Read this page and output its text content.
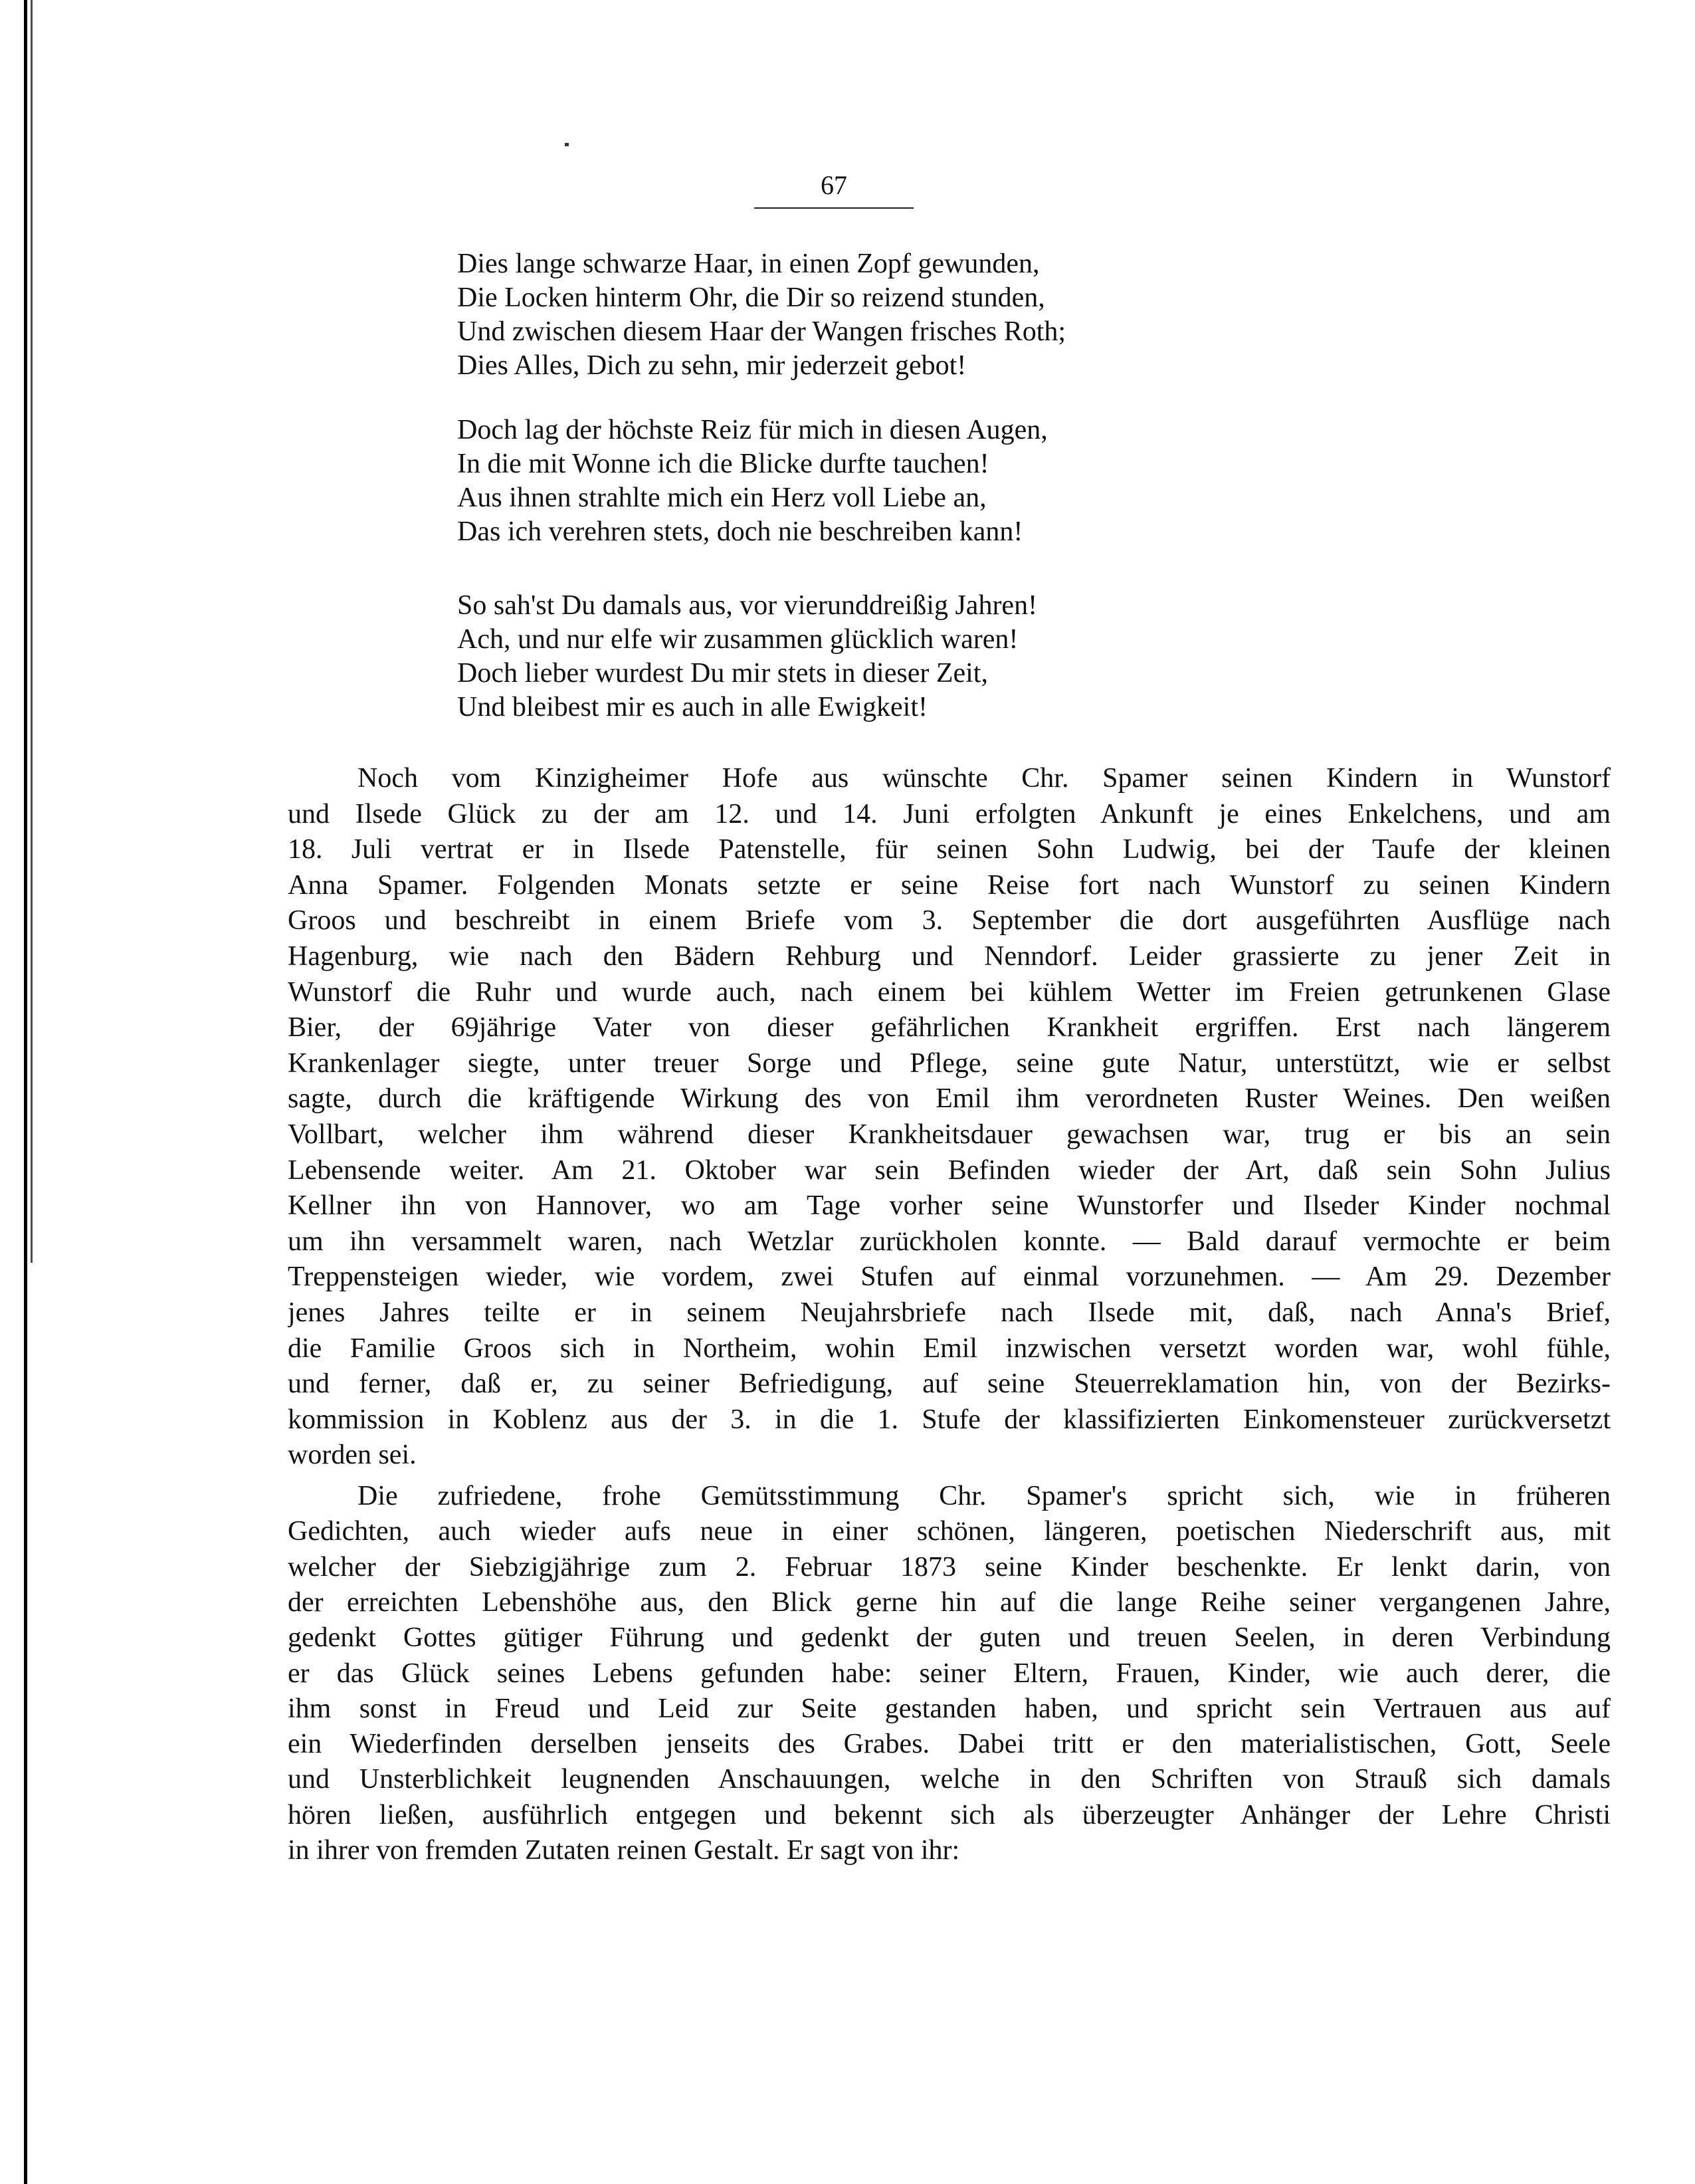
67
Dies lange schwarze Haar, in einen Zopf gewunden,
Die Locken hinterm Ohr, die Dir so reizend stunden,
Und zwischen diesem Haar der Wangen frisches Roth;
Dies Alles, Dich zu sehn, mir jederzeit gebot!
Doch lag der höchste Reiz für mich in diesen Augen,
In die mit Wonne ich die Blicke durfte tauchen!
Aus ihnen strahlte mich ein Herz voll Liebe an,
Das ich verehren stets, doch nie beschreiben kann!
So sah'st Du damals aus, vor vierunddreißig Jahren!
Ach, und nur elfe wir zusammen glücklich waren!
Doch lieber wurdest Du mir stets in dieser Zeit,
Und bleibest mir es auch in alle Ewigkeit!
Noch vom Kinzigheimer Hofe aus wünschte Chr. Spamer seinen Kindern in Wunstorf
und Ilsede Glück zu der am 12. und 14. Juni erfolgten Ankunft je eines Enkelchens, und am
18. Juli vertrat er in Ilsede Patenstelle, für seinen Sohn Ludwig, bei der Taufe der kleinen
Anna Spamer. Folgenden Monats setzte er seine Reise fort nach Wunstorf zu seinen Kindern
Groos und beschreibt in einem Briefe vom 3. September die dort ausgeführten Ausflüge nach
Hagenburg, wie nach den Bädern Rehburg und Nenndorf. Leider grassierte zu jener Zeit in
Wunstorf die Ruhr und wurde auch, nach einem bei kühlem Wetter im Freien getrunkenen Glase
Bier, der 69jährige Vater von dieser gefährlichen Krankheit ergriffen. Erst nach längerem
Krankenlager siegte, unter treuer Sorge und Pflege, seine gute Natur, unterstützt, wie er selbst
sagte, durch die kräftigende Wirkung des von Emil ihm verordneten Ruster Weines. Den weißen
Vollbart, welcher ihm während dieser Krankheitsdauer gewachsen war, trug er bis an sein
Lebensende weiter. Am 21. Oktober war sein Befinden wieder der Art, daß sein Sohn Julius
Kellner ihn von Hannover, wo am Tage vorher seine Wunstorfer und Ilseder Kinder nochmal
um ihn versammelt waren, nach Wetzlar zurückholen konnte. — Bald darauf vermochte er beim
Treppensteigen wieder, wie vordem, zwei Stufen auf einmal vorzunehmen. — Am 29. Dezember
jenes Jahres teilte er in seinem Neujahrsbriefe nach Ilsede mit, daß, nach Anna's Brief,
die Familie Groos sich in Northeim, wohin Emil inzwischen versetzt worden war, wohl fühle,
und ferner, daß er, zu seiner Befriedigung, auf seine Steuerreklamation hin, von der Bezirks-
kommission in Koblenz aus der 3. in die 1. Stufe der klassifizierten Einkomensteuer zurückversetzt
worden sei.
Die zufriedene, frohe Gemütsstimmung Chr. Spamer's spricht sich, wie in früheren
Gedichten, auch wieder aufs neue in einer schönen, längeren, poetischen Niederschrift aus, mit
welcher der Siebzigjährige zum 2. Februar 1873 seine Kinder beschenkte. Er lenkt darin, von
der erreichten Lebenshöhe aus, den Blick gerne hin auf die lange Reihe seiner vergangenen Jahre,
gedenkt Gottes gütiger Führung und gedenkt der guten und treuen Seelen, in deren Verbindung
er das Glück seines Lebens gefunden habe: seiner Eltern, Frauen, Kinder, wie auch derer, die
ihm sonst in Freud und Leid zur Seite gestanden haben, und spricht sein Vertrauen aus auf
ein Wiederfinden derselben jenseits des Grabes. Dabei tritt er den materialistischen, Gott, Seele
und Unsterblichkeit leugnenden Anschauungen, welche in den Schriften von Strauß sich damals
hören ließen, ausführlich entgegen und bekennt sich als überzeugter Anhänger der Lehre Christi
in ihrer von fremden Zutaten reinen Gestalt. Er sagt von ihr:
